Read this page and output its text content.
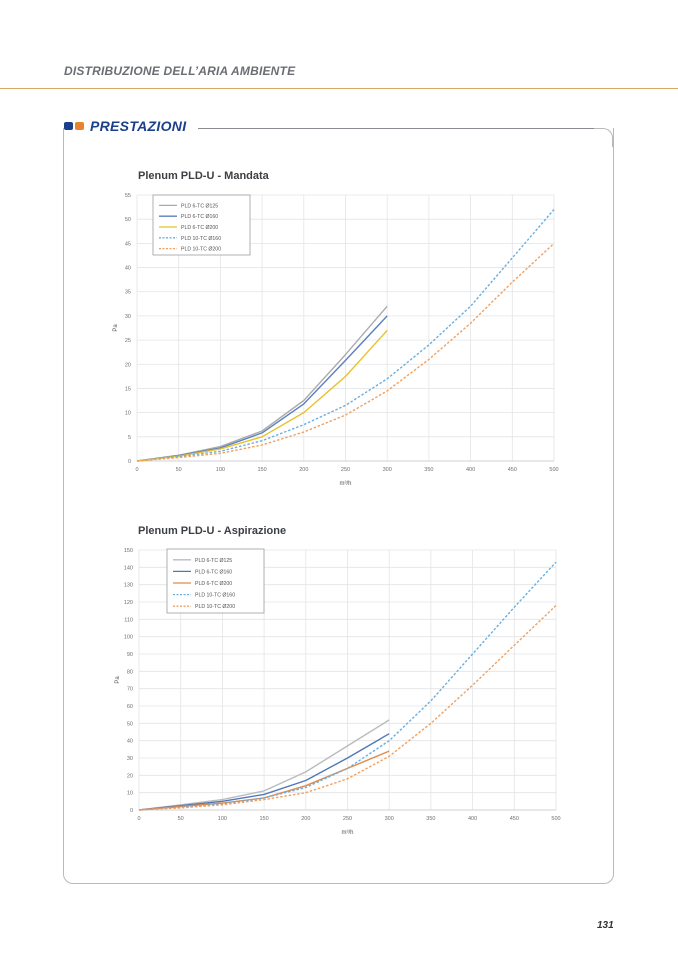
DISTRIBUZIONE DELL’ARIA AMBIENTE
PRESTAZIONI
Plenum PLD-U - Mandata
0
5
10
15
20
25
30
35
40
45
50
55
0	50	100	150	200	250	300	350	400	450	500
m³/h
Pa
PLD 6-TC Ø125
PLD 6-TC Ø160
PLD 6-TC Ø200
PLD 10-TC Ø160
PLD 10-TC Ø200
Plenum PLD-U - Aspirazione
0
10
20
30
40
50
60
70
80
90
100
110
120
130
140
150
0	50	100	150	200	250	300	350	400	450	500
m³/h
Pa
PLD 6-TC Ø125
PLD 6-TC Ø160
PLD 6-TC Ø200
PLD 10-TC Ø160
PLD 10-TC Ø200
131
